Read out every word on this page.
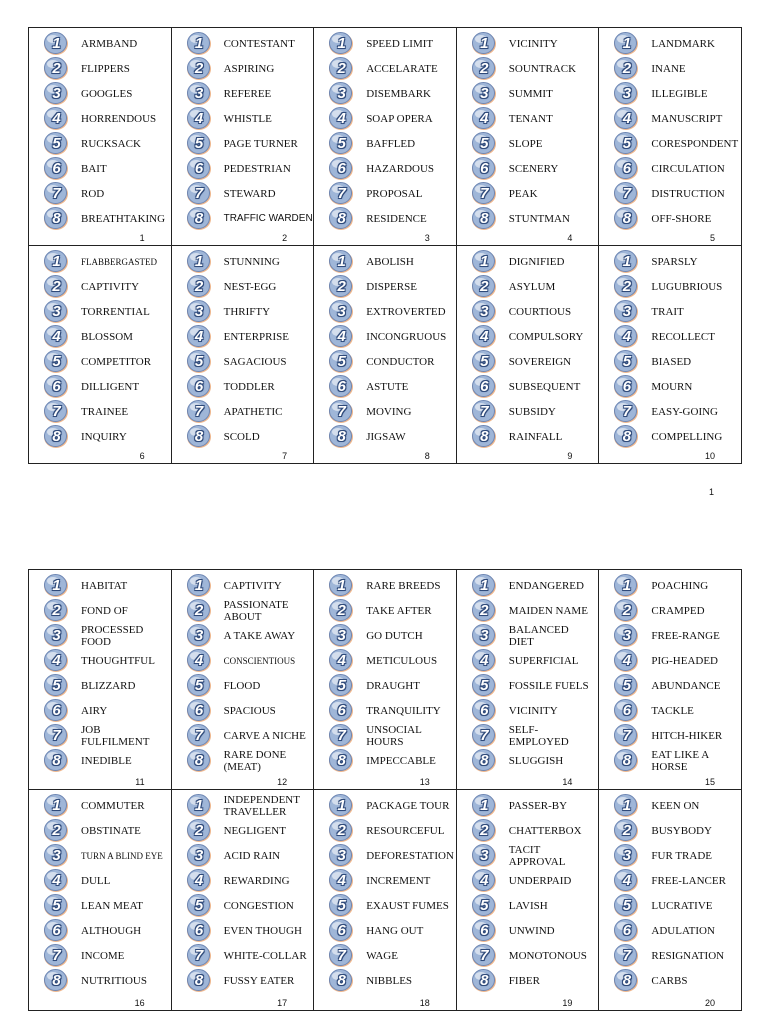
1	ARMBAND
2	FLIPPERS
3	GOOGLES
4	HORRENDOUS
5	RUCKSACK
6	BAIT
7	ROD
8	BREATHTAKING
1
1	CONTESTANT
2	ASPIRING
3	REFEREE
4	WHISTLE
5	PAGE TURNER
6	PEDESTRIAN
7	STEWARD
8	TRAFFIC WARDEN
2
1	SPEED LIMIT
2	ACCELARATE
3	DISEMBARK
4	SOAP OPERA
5	BAFFLED
6	HAZARDOUS
7	PROPOSAL
8	RESIDENCE
3
1	VICINITY
2	SOUNTRACK
3	SUMMIT
4	TENANT
5	SLOPE
6	SCENERY
7	PEAK
8	STUNTMAN
4
1	LANDMARK
2	INANE
3	ILLEGIBLE
4	MANUSCRIPT
5	CORESPONDENT
6	CIRCULATION
7	DISTRUCTION
8	OFF-SHORE
5
1	FLABBERGASTED
2	CAPTIVITY
3	TORRENTIAL
4	BLOSSOM
5	COMPETITOR
6	DILLIGENT
7	TRAINEE
8	INQUIRY
6
1	STUNNING
2	NEST-EGG
3	THRIFTY
4	ENTERPRISE
5	SAGACIOUS
6	TODDLER
7	APATHETIC
8	SCOLD
7
1	ABOLISH
2	DISPERSE
3	EXTROVERTED
4	INCONGRUOUS
5	CONDUCTOR
6	ASTUTE
7	MOVING
8	JIGSAW
8
1	DIGNIFIED
2	ASYLUM
3	COURTIOUS
4	COMPULSORY
5	SOVEREIGN
6	SUBSEQUENT
7	SUBSIDY
8	RAINFALL
9
1	SPARSLY
2	LUGUBRIOUS
3	TRAIT
4	RECOLLECT
5	BIASED
6	MOURN
7	EASY-GOING
8	COMPELLING
10
1
1	HABITAT
2	FOND OF
3	PROCESSED
FOOD
4	THOUGHTFUL
5	BLIZZARD
6	AIRY
7	JOB
FULFILMENT
8	INEDIBLE
11
1	CAPTIVITY
2	PASSIONATE
ABOUT
3	A TAKE AWAY
4	CONSCIENTIOUS
5	FLOOD
6	SPACIOUS
7	CARVE A NICHE
8	RARE DONE
(MEAT)
12
1	RARE BREEDS
2	TAKE AFTER
3	GO DUTCH
4	METICULOUS
5	DRAUGHT
6	TRANQUILITY
7	UNSOCIAL
HOURS
8	IMPECCABLE
13
1	ENDANGERED
2	MAIDEN NAME
3	BALANCED
DIET
4	SUPERFICIAL
5	FOSSILE FUELS
6	VICINITY
7	SELF-
EMPLOYED
8	SLUGGISH
14
1	POACHING
2	CRAMPED
3	FREE-RANGE
4	PIG-HEADED
5	ABUNDANCE
6	TACKLE
7	HITCH-HIKER
8	EAT LIKE A
HORSE
15
1	COMMUTER
2	OBSTINATE
3	TURN A BLIND EYE
4	DULL
5	LEAN MEAT
6	ALTHOUGH
7	INCOME
8	NUTRITIOUS
16
1	INDEPENDENT
TRAVELLER
2	NEGLIGENT
3	ACID RAIN
4	REWARDING
5	CONGESTION
6	EVEN THOUGH
7	WHITE-COLLAR
8	FUSSY EATER
17
1	PACKAGE TOUR
2	RESOURCEFUL
3	DEFORESTATION
4	INCREMENT
5	EXAUST FUMES
6	HANG OUT
7	WAGE
8	NIBBLES
18
1	PASSER-BY
2	CHATTERBOX
3	TACIT APPROVAL
4	UNDERPAID
5	LAVISH
6	UNWIND
7	MONOTONOUS
8	FIBER
19
1	KEEN ON
2	BUSYBODY
3	FUR TRADE
4	FREE-LANCER
5	LUCRATIVE
6	ADULATION
7	RESIGNATION
8	CARBS
20
